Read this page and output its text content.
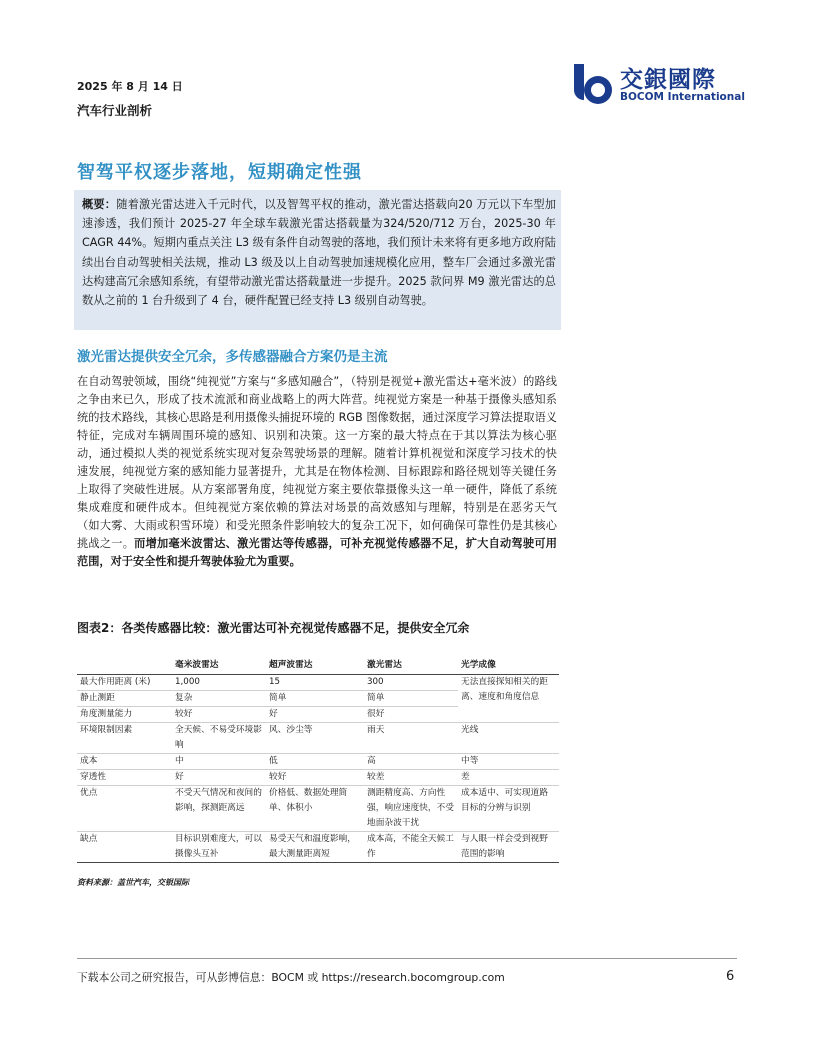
2025 年 8 月 14 日
汽车行业剖析
交銀國際
BOCOM International
智驾平权逐步落地，短期确定性强
概要：随着激光雷达进入千元时代，以及智驾平权的推动，激光雷达搭载向20 万元以下车型加速渗透，我们预计 2025-27 年全球车载激光雷达搭载量为324/520/712 万台，2025-30 年 CAGR 44%。短期内重点关注 L3 级有条件自动驾驶的落地，我们预计未来将有更多地方政府陆续出台自动驾驶相关法规，推动 L3 级及以上自动驾驶加速规模化应用，整车厂会通过多激光雷达构建高冗余感知系统，有望带动激光雷达搭载量进一步提升。2025 款问界 M9 激光雷达的总数从之前的 1 台升级到了 4 台，硬件配置已经支持 L3 级别自动驾驶。
激光雷达提供安全冗余，多传感器融合方案仍是主流
在自动驾驶领域，围绕“纯视觉”方案与“多感知融合”，（特别是视觉+激光雷达+毫米波）的路线之争由来已久，形成了技术流派和商业战略上的两大阵营。纯视觉方案是一种基于摄像头感知系统的技术路线，其核心思路是利用摄像头捕捉环境的 RGB 图像数据，通过深度学习算法提取语义特征，完成对车辆周围环境的感知、识别和决策。这一方案的最大特点在于其以算法为核心驱动，通过模拟人类的视觉系统实现对复杂驾驶场景的理解。随着计算机视觉和深度学习技术的快速发展，纯视觉方案的感知能力显著提升，尤其是在物体检测、目标跟踪和路径规划等关键任务上取得了突破性进展。从方案部署角度，纯视觉方案主要依靠摄像头这一单一硬件，降低了系统集成难度和硬件成本。但纯视觉方案依赖的算法对场景的高效感知与理解，特别是在恶劣天气（如大雾、大雨或积雪环境）和受光照条件影响较大的复杂工况下，如何确保可靠性仍是其核心挑战之一。而增加毫米波雷达、激光雷达等传感器，可补充视觉传感器不足，扩大自动驾驶可用范围，对于安全性和提升驾驶体验尤为重要。
图表2：各类传感器比较：激光雷达可补充视觉传感器不足，提供安全冗余
	毫米波雷达	超声波雷达	激光雷达	光学成像
最大作用距离 (米)	1,000	15	300	无法直接探知相关的距离、速度和角度信息
静止测距	复杂	简单	简单	
角度测量能力	较好	好	很好	
环境限制因素	全天候、不易受环境影响	风、沙尘等	雨天	光线
成本	中	低	高	中等
穿透性	好	较好	较差	差
优点	不受天气情况和夜间的影响，探测距离远	价格低、数据处理简单、体积小	测距精度高、方向性强，响应速度快，不受地面杂波干扰	成本适中、可实现道路目标的分辨与识别
缺点	目标识别难度大，可以摄像头互补	易受天气和温度影响，最大测量距离短	成本高，不能全天候工作	与人眼一样会受到视野范围的影响
资料来源：盖世汽车，交银国际
下载本公司之研究报告，可从彭博信息：BOCM 或 https://research.bocomgroup.com	6
